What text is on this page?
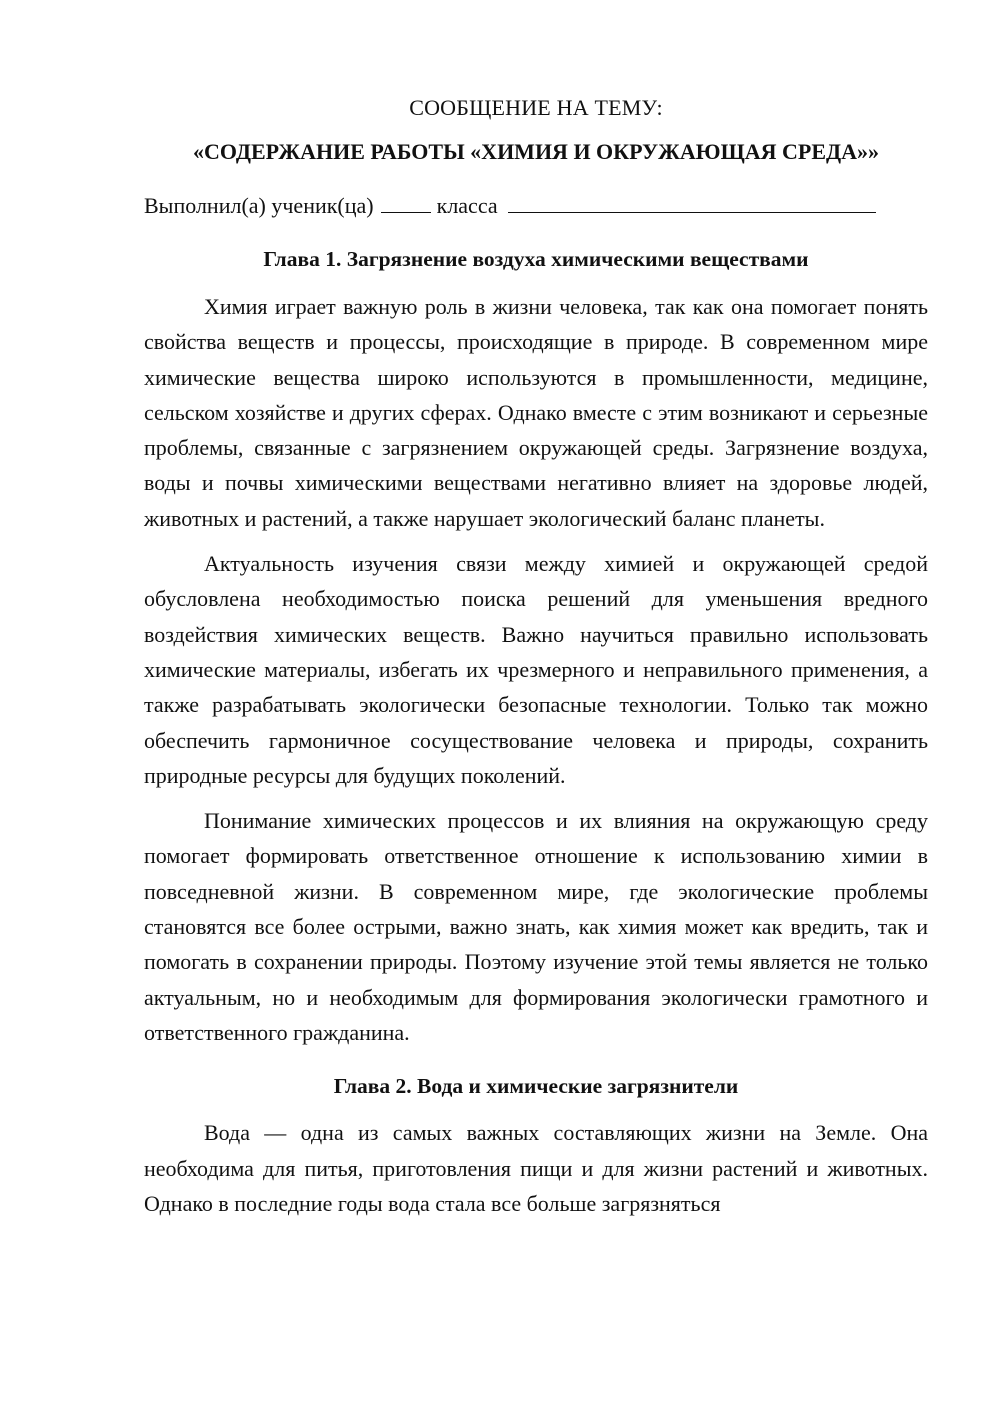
СООБЩЕНИЕ НА ТЕМУ:

«СОДЕРЖАНИЕ РАБОТЫ «ХИМИЯ И ОКРУЖАЮЩАЯ СРЕДА»»

Выполнил(а) ученик(ца)	класса
Глава 1. Загрязнение воздуха химическими веществами

Химия играет важную роль в жизни человека, так как она помогает понять свойства веществ и процессы, происходящие в природе. В современном мире химические вещества широко используются в промышленности, медицине, сельском хозяйстве и других сферах. Однако вместе с этим возникают и серьезные проблемы, связанные с загрязнением окружающей среды. Загрязнение воздуха, воды и почвы химическими веществами негативно влияет на здоровье людей, животных и растений, а также нарушает экологический баланс планеты.

Актуальность изучения связи между химией и окружающей средой обусловлена необходимостью поиска решений для уменьшения вредного воздействия химических веществ. Важно научиться правильно использовать химические материалы, избегать их чрезмерного и неправильного применения, а также разрабатывать экологически безопасные технологии. Только так можно обеспечить гармоничное сосуществование человека и природы, сохранить природные ресурсы для будущих поколений.

Понимание химических процессов и их влияния на окружающую среду помогает формировать ответственное отношение к использованию химии в повседневной жизни. В современном мире, где экологические проблемы становятся все более острыми, важно знать, как химия может как вредить, так и помогать в сохранении природы. Поэтому изучение этой темы является не только актуальным, но и необходимым для формирования экологически грамотного и ответственного гражданина.

Глава 2. Вода и химические загрязнители

Вода — одна из самых важных составляющих жизни на Земле. Она необходима для питья, приготовления пищи и для жизни растений и животных. Однако в последние годы вода стала все больше загрязняться
